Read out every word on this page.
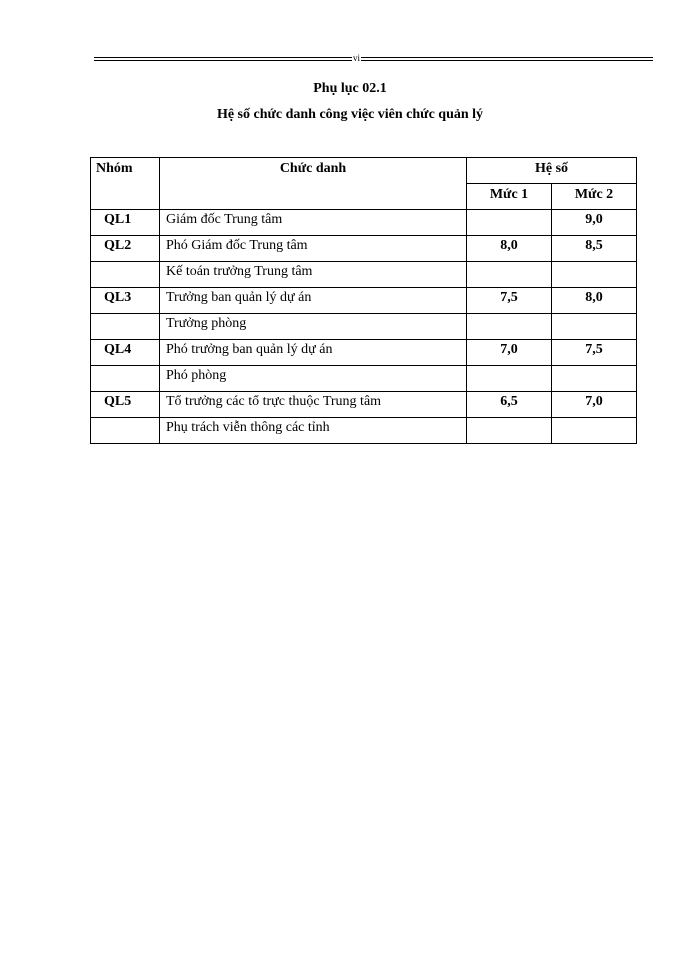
vi
Phụ lục 02.1
Hệ số chức danh công việc viên chức quản lý
Nhóm	Chức danh	Hệ số	
		Mức 1	Mức 2
QL1	Giám đốc Trung tâm		9,0
QL2	Phó Giám đốc Trung tâm	8,0	8,5
	Kế toán trưởng Trung tâm		
QL3	Trưởng ban quản lý dự án	7,5	8,0
	Trưởng phòng		
QL4	Phó trưởng ban quản lý dự án	7,0	7,5
	Phó phòng		
QL5	Tổ trưởng các tổ trực thuộc Trung tâm	6,5	7,0
	Phụ trách viễn thông các tỉnh		
